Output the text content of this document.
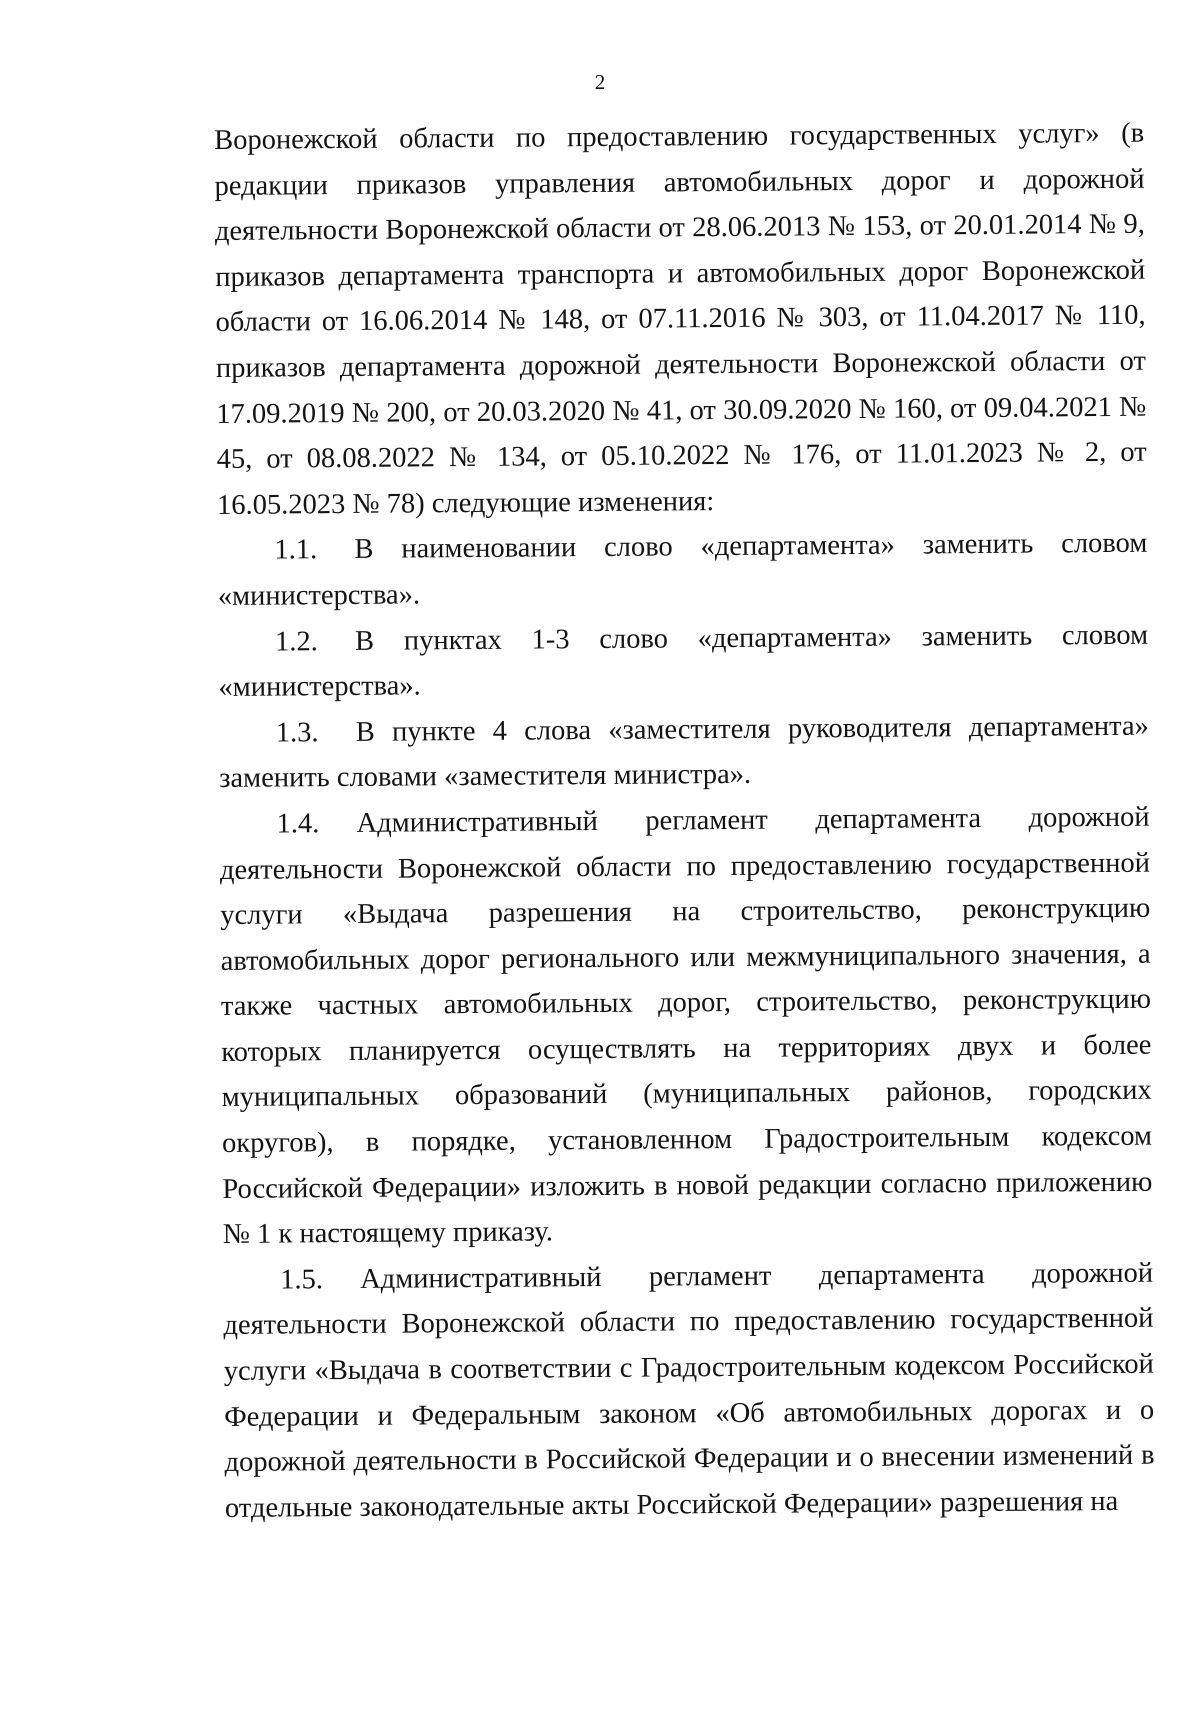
2

Воронежской области по предоставлению государственных услуг» (в редакции приказов управления автомобильных дорог и дорожной деятельности Воронежской области от 28.06.2013 № 153, от 20.01.2014 № 9, приказов департамента транспорта и автомобильных дорог Воронежской области от 16.06.2014 № 148, от 07.11.2016 № 303, от 11.04.2017 № 110, приказов департамента дорожной деятельности Воронежской области от 17.09.2019 № 200, от 20.03.2020 № 41, от 30.09.2020 № 160, от 09.04.2021 № 45, от 08.08.2022 № 134, от 05.10.2022 № 176, от 11.01.2023 № 2, от 16.05.2023 № 78) следующие изменения:

1.1. В наименовании слово «департамента» заменить словом «министерства».

1.2. В пунктах 1-3 слово «департамента» заменить словом «министерства».

1.3. В пункте 4 слова «заместителя руководителя департамента» заменить словами «заместителя министра».

1.4. Административный регламент департамента дорожной деятельности Воронежской области по предоставлению государственной услуги «Выдача разрешения на строительство, реконструкцию автомобильных дорог регионального или межмуниципального значения, а также частных автомобильных дорог, строительство, реконструкцию которых планируется осуществлять на территориях двух и более муниципальных образований (муниципальных районов, городских округов), в порядке, установленном Градостроительным кодексом Российской Федерации» изложить в новой редакции согласно приложению № 1 к настоящему приказу.

1.5. Административный регламент департамента дорожной деятельности Воронежской области по предоставлению государственной услуги «Выдача в соответствии с Градостроительным кодексом Российской Федерации и Федеральным законом «Об автомобильных дорогах и о дорожной деятельности в Российской Федерации и о внесении изменений в отдельные законодательные акты Российской Федерации» разрешения на
